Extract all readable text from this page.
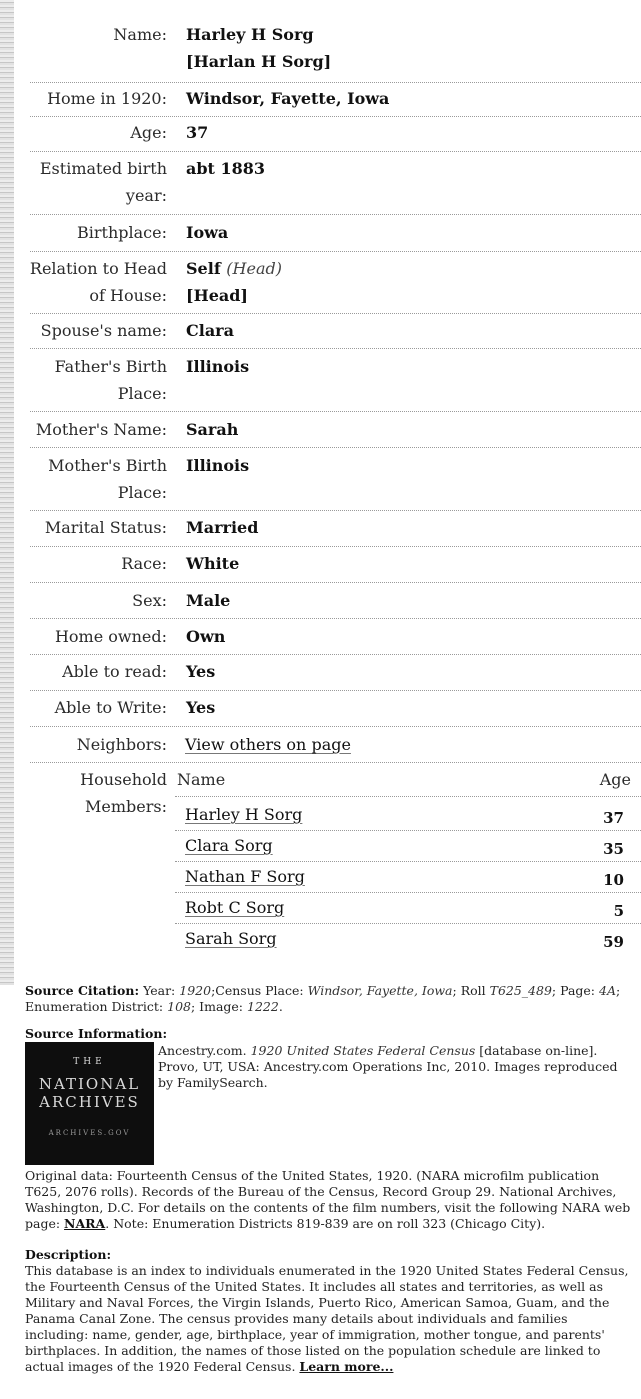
Name: Harley H Sorg
[Harlan H Sorg]
Home in 1920: Windsor, Fayette, Iowa
Age: 37
Estimated birth year:
abt 1883
Birthplace: Iowa
Relation to Head of House:
Self (Head)
[Head]
Spouse's name: Clara
Father's Birth Place:
Illinois
Mother's Name: Sarah
Mother's Birth Place:
Illinois
Marital Status: Married
Race: White
Sex: Male
Home owned: Own
Able to read: Yes
Able to Write: Yes
Neighbors: View others on page
Household Members:
Name	Age
Harley H Sorg	37
Clara Sorg	35
Nathan F Sorg	10
Robt C Sorg	5
Sarah Sorg	59
Source Citation: Year: 1920;Census Place: Windsor, Fayette, Iowa; Roll T625_489; Page: 4A; Enumeration District: 108; Image: 1222.
Source Information:
THE
NATIONAL
ARCHIVES
ARCHIVES.GOV
Ancestry.com. 1920 United States Federal Census [database on-line]. Provo, UT, USA: Ancestry.com Operations Inc, 2010. Images reproduced by FamilySearch.
Original data: Fourteenth Census of the United States, 1920. (NARA microfilm publication T625, 2076 rolls). Records of the Bureau of the Census, Record Group 29. National Archives, Washington, D.C. For details on the contents of the film numbers, visit the following NARA web page: NARA. Note: Enumeration Districts 819-839 are on roll 323 (Chicago City).
Description:
This database is an index to individuals enumerated in the 1920 United States Federal Census, the Fourteenth Census of the United States. It includes all states and territories, as well as Military and Naval Forces, the Virgin Islands, Puerto Rico, American Samoa, Guam, and the Panama Canal Zone. The census provides many details about individuals and families including: name, gender, age, birthplace, year of immigration, mother tongue, and parents' birthplaces. In addition, the names of those listed on the population schedule are linked to actual images of the 1920 Federal Census. Learn more...
